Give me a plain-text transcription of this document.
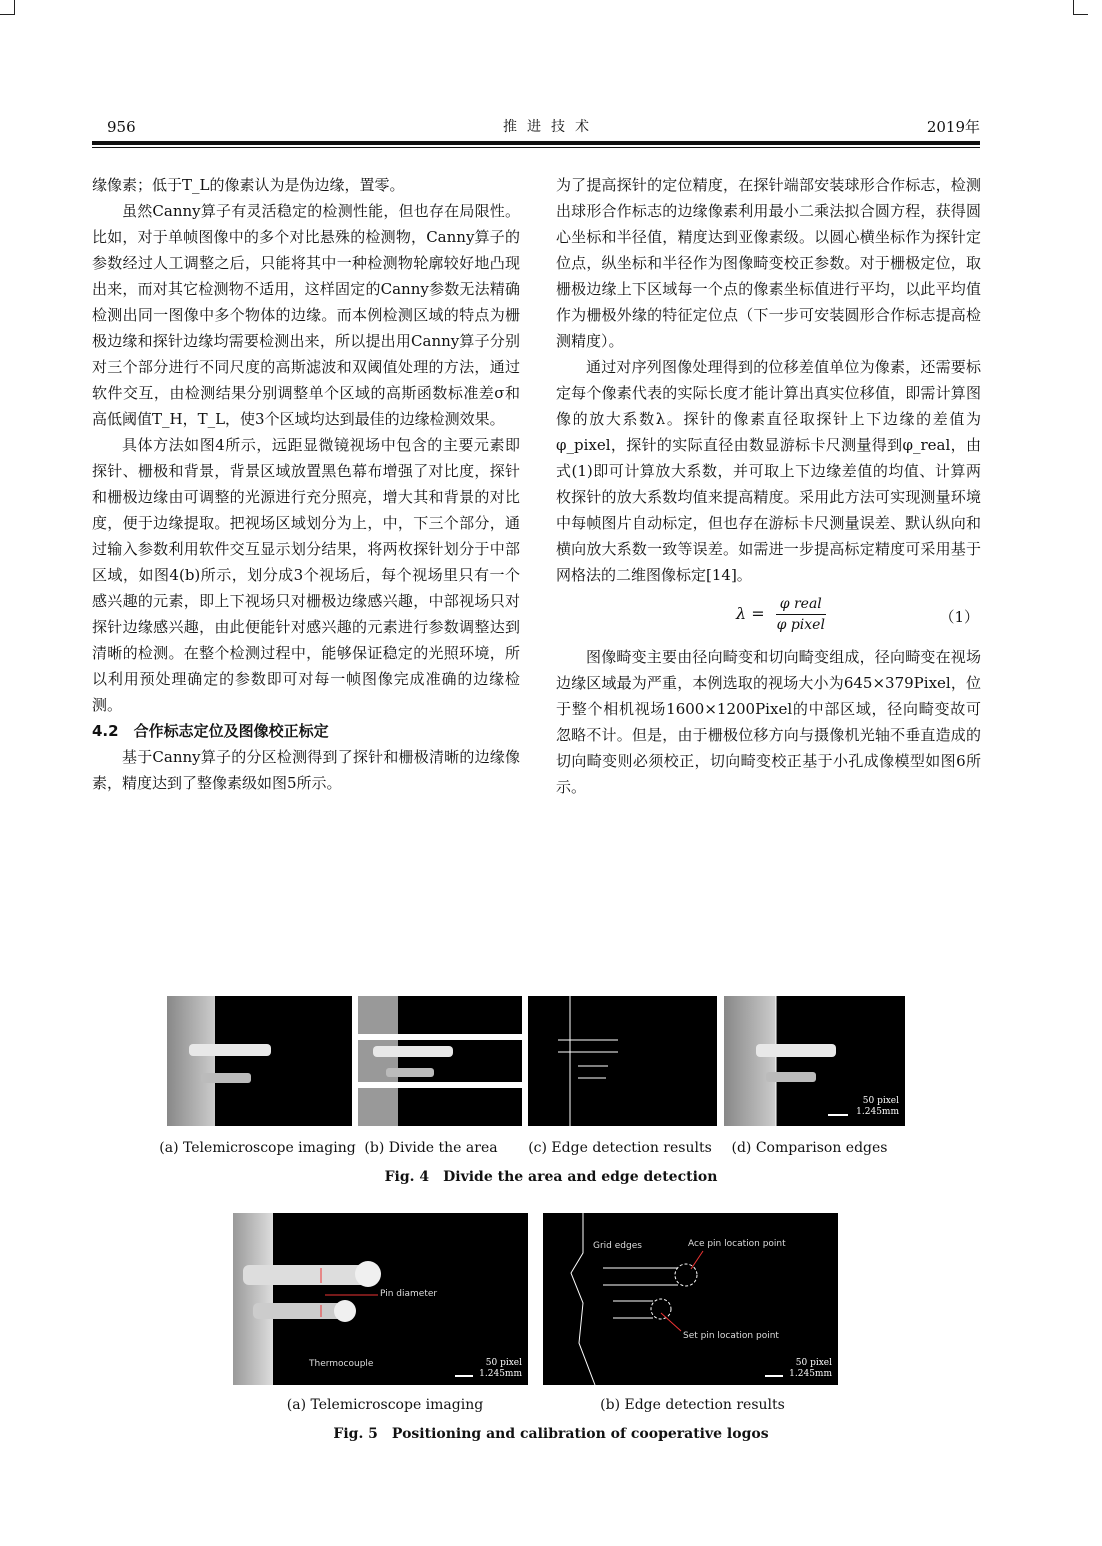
956	推进技术	2019年

缘像素；低于T_L的像素认为是伪边缘，置零。

虽然Canny算子有灵活稳定的检测性能，但也存在局限性。比如，对于单帧图像中的多个对比悬殊的检测物，Canny算子的参数经过人工调整之后，只能将其中一种检测物轮廓较好地凸现出来，而对其它检测物不适用，这样固定的Canny参数无法精确检测出同一图像中多个物体的边缘。而本例检测区域的特点为栅极边缘和探针边缘均需要检测出来，所以提出用Canny算子分别对三个部分进行不同尺度的高斯滤波和双阈值处理的方法，通过软件交互，由检测结果分别调整单个区域的高斯函数标准差σ和高低阈值T_H，T_L，使3个区域均达到最佳的边缘检测效果。

具体方法如图4所示，远距显微镜视场中包含的主要元素即探针、栅极和背景，背景区域放置黑色幕布增强了对比度，探针和栅极边缘由可调整的光源进行充分照亮，增大其和背景的对比度，便于边缘提取。把视场区域划分为上，中，下三个部分，通过输入参数利用软件交互显示划分结果，将两枚探针划分于中部区域，如图4(b)所示，划分成3个视场后，每个视场里只有一个感兴趣的元素，即上下视场只对栅极边缘感兴趣，中部视场只对探针边缘感兴趣，由此便能针对感兴趣的元素进行参数调整达到清晰的检测。在整个检测过程中，能够保证稳定的光照环境，所以利用预处理确定的参数即可对每一帧图像完成准确的边缘检测。

4.2　合作标志定位及图像校正标定

基于Canny算子的分区检测得到了探针和栅极清晰的边缘像素，精度达到了整像素级如图5所示。

为了提高探针的定位精度，在探针端部安装球形合作标志，检测出球形合作标志的边缘像素利用最小二乘法拟合圆方程，获得圆心坐标和半径值，精度达到亚像素级。以圆心横坐标作为探针定位点，纵坐标和半径作为图像畸变校正参数。对于栅极定位，取栅极边缘上下区域每一个点的像素坐标值进行平均，以此平均值作为栅极外缘的特征定位点（下一步可安装圆形合作标志提高检测精度）。

通过对序列图像处理得到的位移差值单位为像素，还需要标定每个像素代表的实际长度才能计算出真实位移值，即需计算图像的放大系数λ。探针的像素直径取探针上下边缘的差值为φ_pixel，探针的实际直径由数显游标卡尺测量得到φ_real，由式(1)即可计算放大系数，并可取上下边缘差值的均值、计算两枚探针的放大系数均值来提高精度。采用此方法可实现测量环境中每帧图片自动标定，但也存在游标卡尺测量误差、默认纵向和横向放大系数一致等误差。如需进一步提高标定精度可采用基于网格法的二维图像标定[14]。

$\lambda = \frac{\text{φ real}}{\text{φ pixel}}$	（1）

图像畸变主要由径向畸变和切向畸变组成，径向畸变在视场边缘区域最为严重，本例选取的视场大小为645×379Pixel，位于整个相机视场1600×1200Pixel的中部区域，径向畸变故可忽略不计。但是，由于栅极位移方向与摄像机光轴不垂直造成的切向畸变则必须校正，切向畸变校正基于小孔成像模型如图6所示。

50 pixel
1.245mm
(a) Telemicroscope imaging (b) Divide the area	(c) Edge detection results	(d) Comparison edges
Fig. 4　Divide the area and edge detection
Pin diameter
Thermocouple	50 pixel
1.245mm
Grid edges	Ace pin location point
Set pin location point
50 pixel
1.245mm
(a) Telemicroscope imaging	(b) Edge detection results
Fig. 5　Positioning and calibration of cooperative logos
